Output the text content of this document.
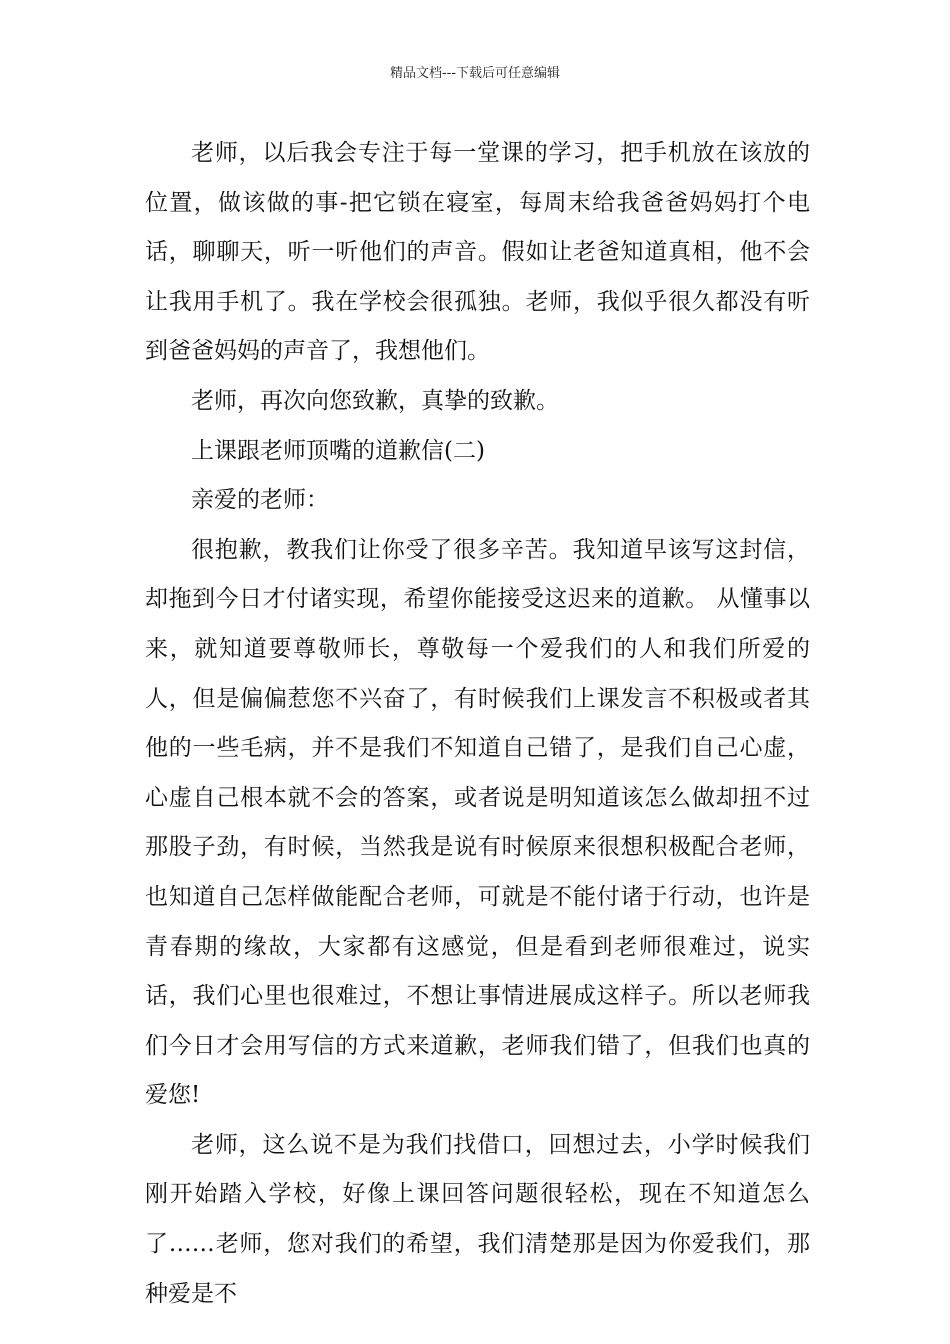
精品文档---下载后可任意编辑

老师，以后我会专注于每一堂课的学习，把手机放在该放的位置，做该做的事-把它锁在寝室，每周末给我爸爸妈妈打个电话，聊聊天，听一听他们的声音。假如让老爸知道真相，他不会让我用手机了。我在学校会很孤独。老师，我似乎很久都没有听到爸爸妈妈的声音了，我想他们。

老师，再次向您致歉，真挚的致歉。

上课跟老师顶嘴的道歉信(二)

亲爱的老师：

很抱歉，教我们让你受了很多辛苦。我知道早该写这封信，却拖到今日才付诸实现，希望你能接受这迟来的道歉。 从懂事以来，就知道要尊敬师长，尊敬每一个爱我们的人和我们所爱的人，但是偏偏惹您不兴奋了，有时候我们上课发言不积极或者其他的一些毛病，并不是我们不知道自己错了，是我们自己心虚，心虚自己根本就不会的答案，或者说是明知道该怎么做却扭不过那股子劲，有时候，当然我是说有时候原来很想积极配合老师，也知道自己怎样做能配合老师，可就是不能付诸于行动，也许是青春期的缘故，大家都有这感觉，但是看到老师很难过，说实话，我们心里也很难过，不想让事情进展成这样子。所以老师我们今日才会用写信的方式来道歉，老师我们错了，但我们也真的爱您!

老师，这么说不是为我们找借口，回想过去，小学时候我们刚开始踏入学校，好像上课回答问题很轻松，现在不知道怎么了……老师，您对我们的希望，我们清楚那是因为你爱我们，那种爱是不
